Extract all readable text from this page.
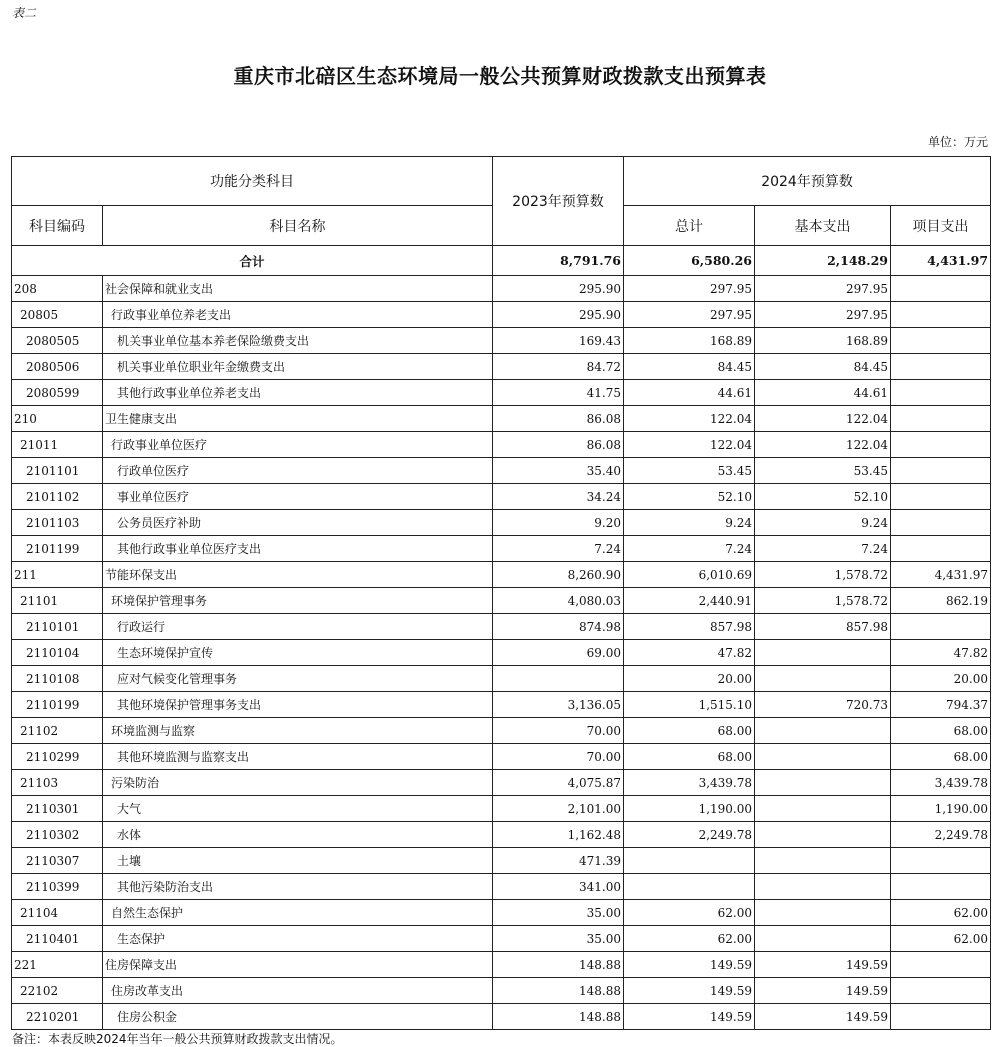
表二
重庆市北碚区生态环境局一般公共预算财政拨款支出预算表
单位：万元
功能分类科目		2023年预算数	2024年预算数		
科目编码	科目名称		总计	基本支出	项目支出
合计		8,791.76	6,580.26	2,148.29	4,431.97
208	社会保障和就业支出	295.90	297.95	297.95	
20805	行政事业单位养老支出	295.90	297.95	297.95	
2080505	机关事业单位基本养老保险缴费支出	169.43	168.89	168.89	
2080506	机关事业单位职业年金缴费支出	84.72	84.45	84.45	
2080599	其他行政事业单位养老支出	41.75	44.61	44.61	
210	卫生健康支出	86.08	122.04	122.04	
21011	行政事业单位医疗	86.08	122.04	122.04	
2101101	行政单位医疗	35.40	53.45	53.45	
2101102	事业单位医疗	34.24	52.10	52.10	
2101103	公务员医疗补助	9.20	9.24	9.24	
2101199	其他行政事业单位医疗支出	7.24	7.24	7.24	
211	节能环保支出	8,260.90	6,010.69	1,578.72	4,431.97
21101	环境保护管理事务	4,080.03	2,440.91	1,578.72	862.19
2110101	行政运行	874.98	857.98	857.98	
2110104	生态环境保护宣传	69.00	47.82		47.82
2110108	应对气候变化管理事务		20.00		20.00
2110199	其他环境保护管理事务支出	3,136.05	1,515.10	720.73	794.37
21102	环境监测与监察	70.00	68.00		68.00
2110299	其他环境监测与监察支出	70.00	68.00		68.00
21103	污染防治	4,075.87	3,439.78		3,439.78
2110301	大气	2,101.00	1,190.00		1,190.00
2110302	水体	1,162.48	2,249.78		2,249.78
2110307	土壤	471.39			
2110399	其他污染防治支出	341.00			
21104	自然生态保护	35.00	62.00		62.00
2110401	生态保护	35.00	62.00		62.00
221	住房保障支出	148.88	149.59	149.59	
22102	住房改革支出	148.88	149.59	149.59	
2210201	住房公积金	148.88	149.59	149.59	
备注：本表反映2024年当年一般公共预算财政拨款支出情况。
